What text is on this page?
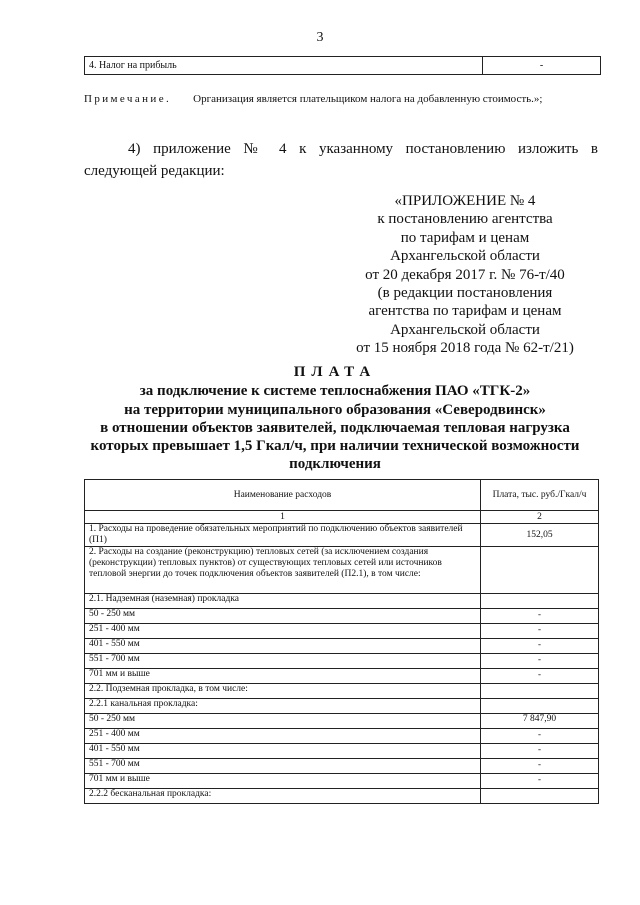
3
4. Налог на прибыль	-
Примечание. Организация является плательщиком налога на добавленную стоимость.»;
4) приложение № 4 к указанному постановлению изложить в
следующей редакции:
«ПРИЛОЖЕНИЕ № 4
к постановлению агентства
по тарифам и ценам
Архангельской области
от 20 декабря 2017 г. № 76-т/40
(в редакции постановления
агентства по тарифам и ценам
Архангельской области
от 15 ноября 2018 года № 62-т/21)
ПЛАТА
за подключение к системе теплоснабжения ПАО «ТГК-2»
на территории муниципального образования «Северодвинск»
в отношении объектов заявителей, подключаемая тепловая нагрузка
которых превышает 1,5 Гкал/ч, при наличии технической возможности
подключения
Наименование расходов	Плата, тыс. руб./Гкал/ч
1	2
1. Расходы на проведение обязательных мероприятий по подключению объектов заявителей (П1)	152,05
2. Расходы на создание (реконструкцию) тепловых сетей (за исключением создания (реконструкции) тепловых пунктов) от существующих тепловых сетей или источников тепловой энергии до точек подключения объектов заявителей (П2.1), в том числе:	
2.1. Надземная (наземная) прокладка	
50 - 250 мм	-
251 - 400 мм	-
401 - 550 мм	-
551 - 700 мм	-
701 мм и выше	-
2.2. Подземная прокладка, в том числе:	
2.2.1 канальная прокладка:	
50 - 250 мм	7 847,90
251 - 400 мм	-
401 - 550 мм	-
551 - 700 мм	-
701 мм и выше	-
2.2.2 бесканальная прокладка:	
